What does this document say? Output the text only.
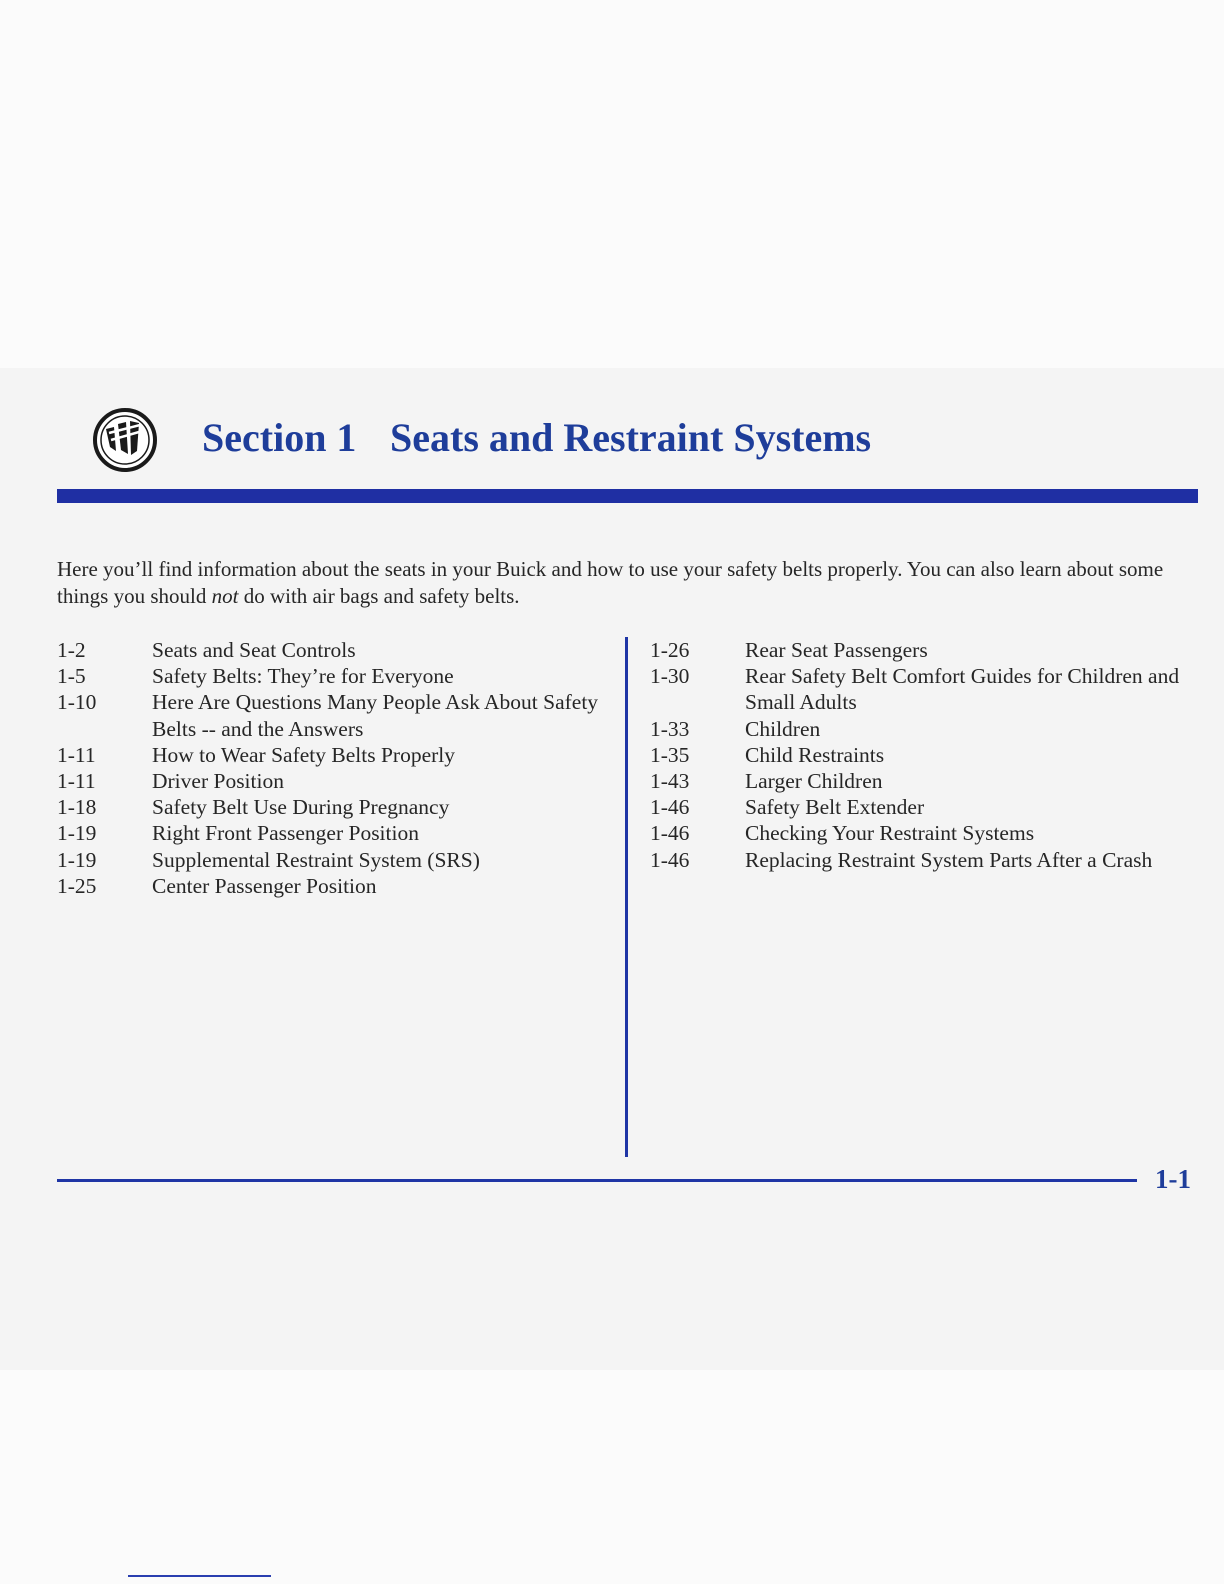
Section 1 Seats and Restraint Systems

Here you’ll find information about the seats in your Buick and how to use your safety belts properly. You can also learn about some things you should not do with air bags and safety belts.

1-2	Seats and Seat Controls
1-5	Safety Belts: They’re for Everyone
1-10	Here Are Questions Many People Ask About Safety Belts -- and the Answers
1-11	How to Wear Safety Belts Properly
1-11	Driver Position
1-18	Safety Belt Use During Pregnancy
1-19	Right Front Passenger Position
1-19	Supplemental Restraint System (SRS)
1-25	Center Passenger Position
1-26	Rear Seat Passengers
1-30	Rear Safety Belt Comfort Guides for Children and Small Adults
1-33	Children
1-35	Child Restraints
1-43	Larger Children
1-46	Safety Belt Extender
1-46	Checking Your Restraint Systems
1-46	Replacing Restraint System Parts After a Crash

1-1
